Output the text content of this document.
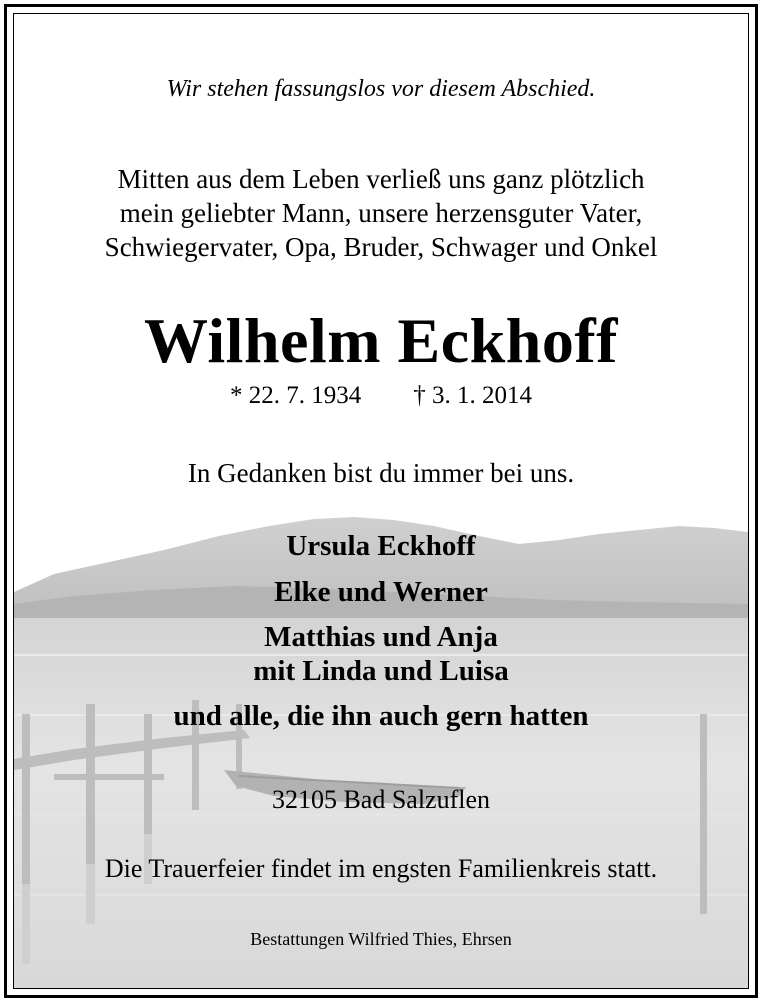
Wir stehen fassungslos vor diesem Abschied.
Mitten aus dem Leben verließ uns ganz plötzlich
mein geliebter Mann, unsere herzensguter Vater,
Schwiegervater, Opa, Bruder, Schwager und Onkel
Wilhelm Eckhoff
* 22. 7. 1934 † 3. 1. 2014
In Gedanken bist du immer bei uns.
Ursula Eckhoff
Elke und Werner
Matthias und Anja
mit Linda und Luisa
und alle, die ihn auch gern hatten
32105 Bad Salzuflen
Die Trauerfeier findet im engsten Familienkreis statt.
Bestattungen Wilfried Thies, Ehrsen
